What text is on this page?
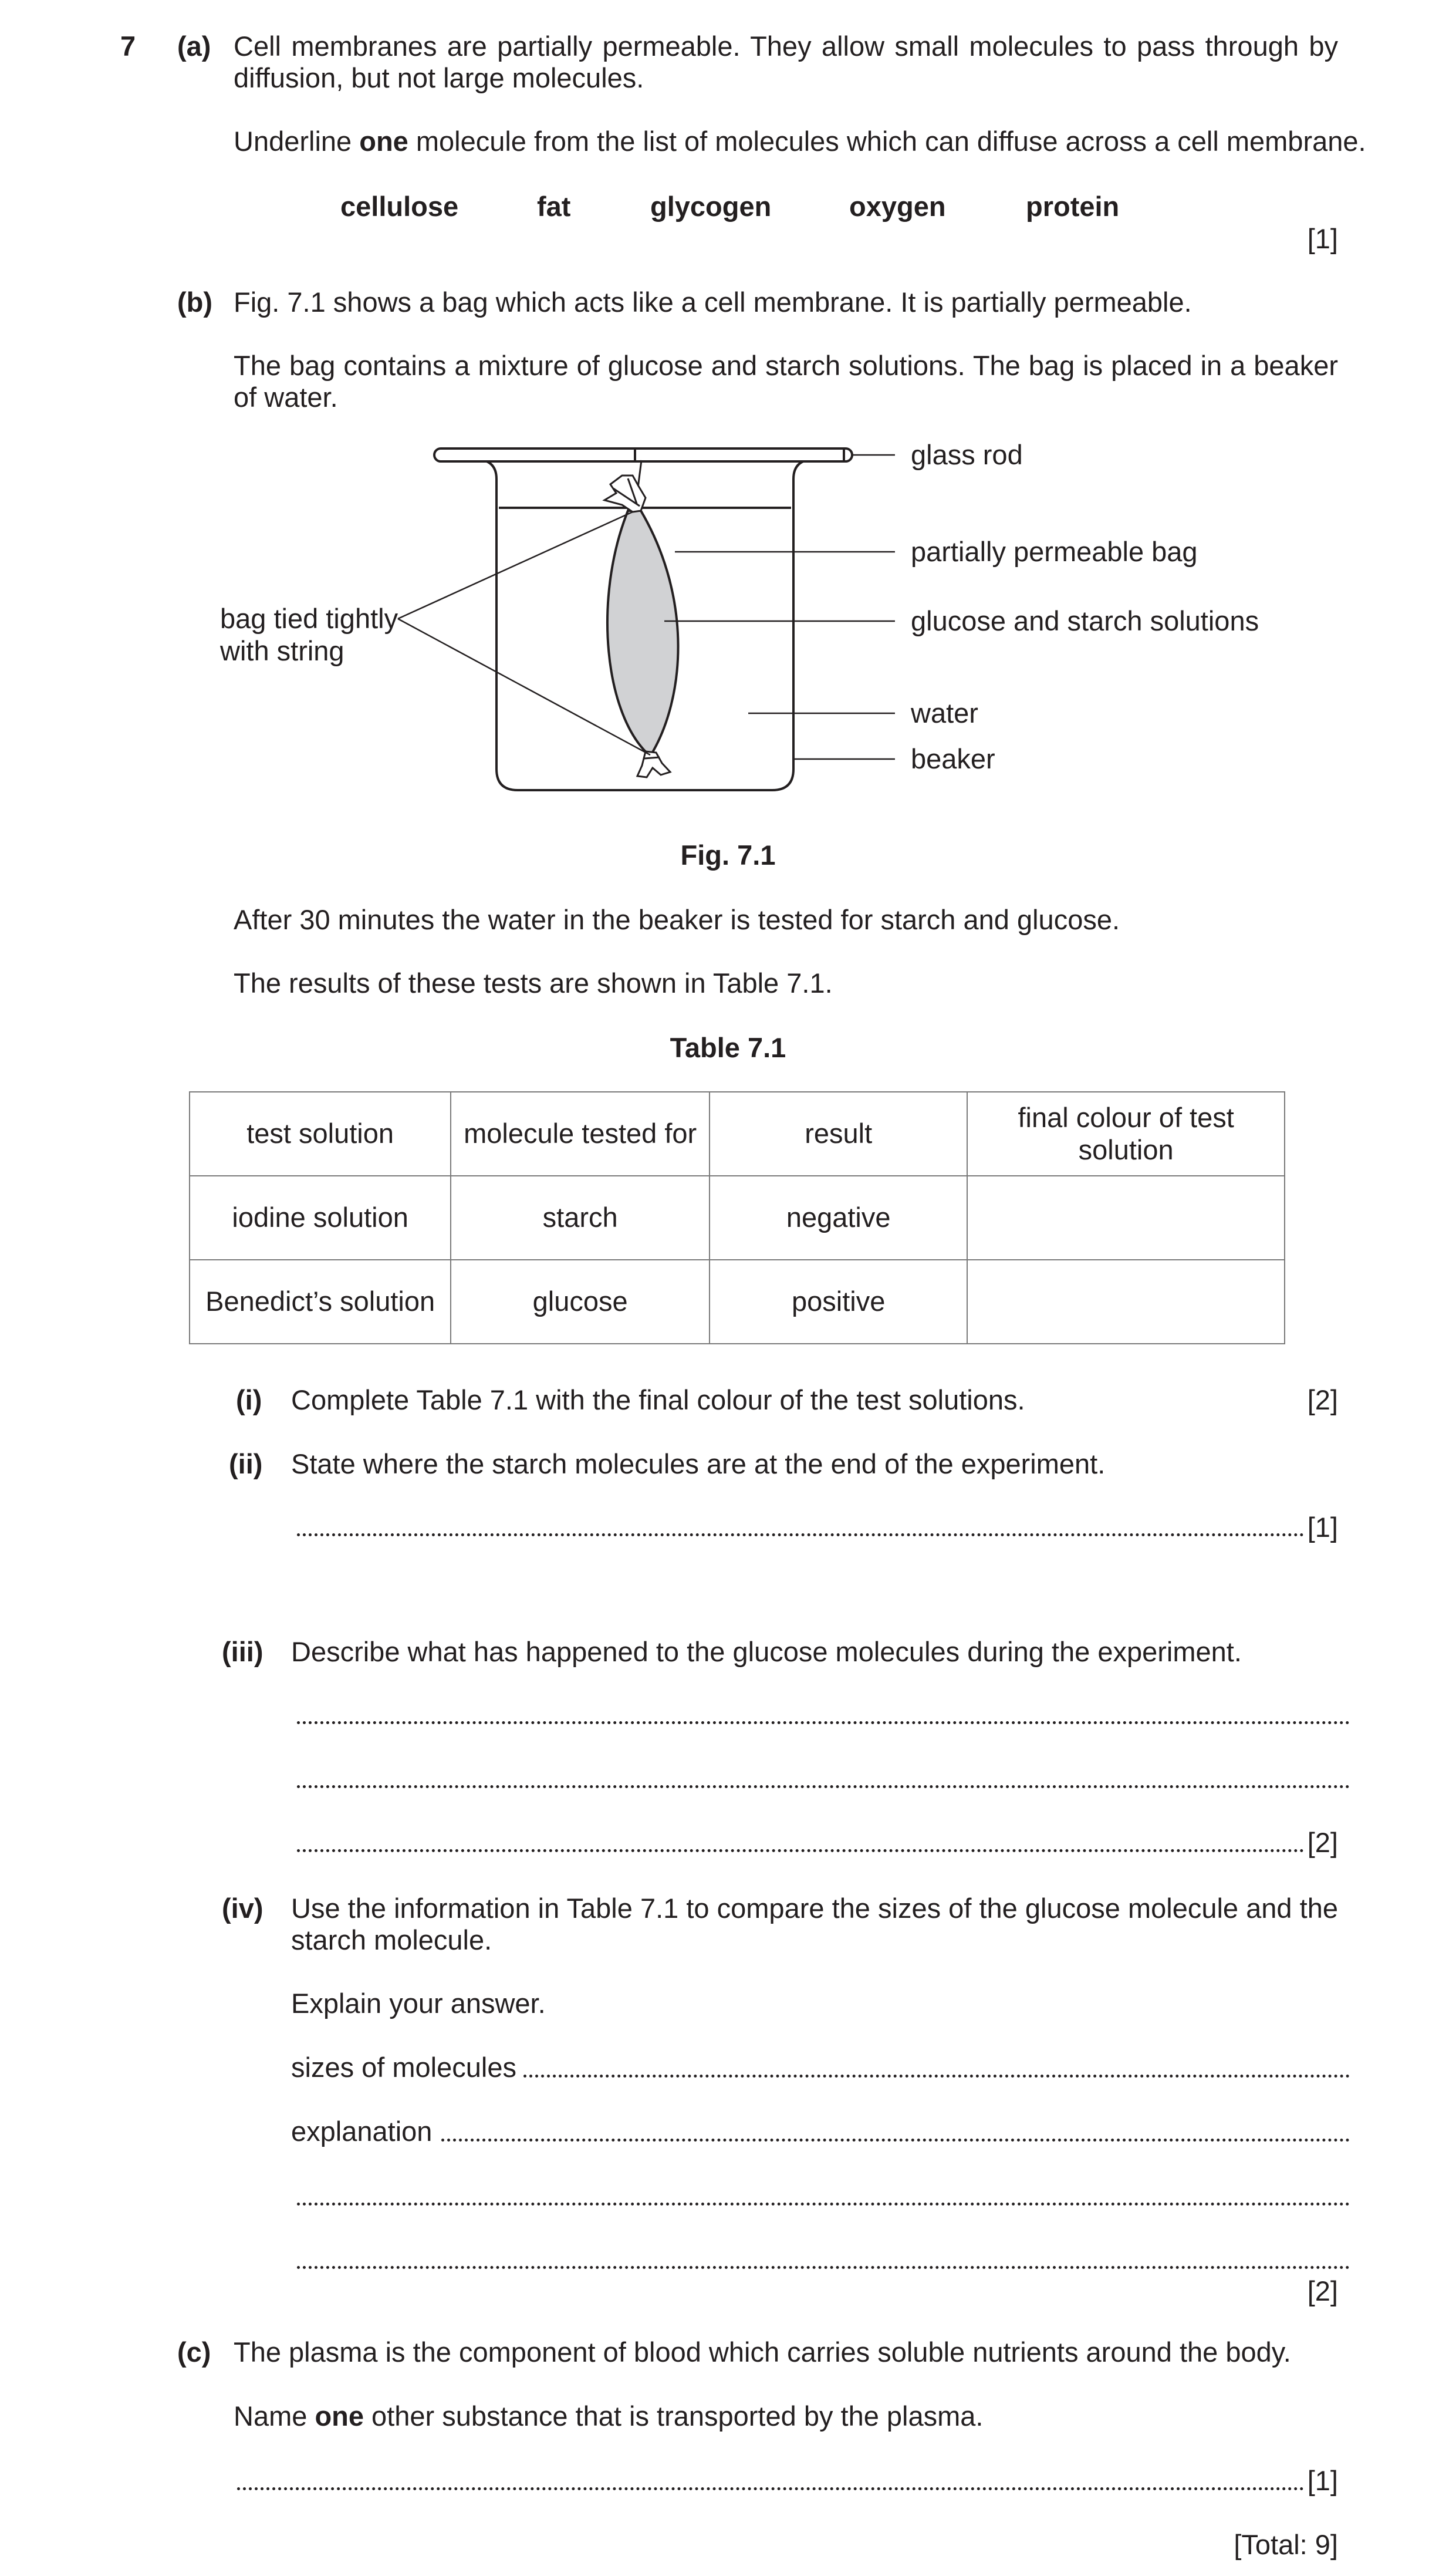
7 (a) Cell membranes are partially permeable. They allow small molecules to pass through by diffusion, but not large molecules.
Underline one molecule from the list of molecules which can diffuse across a cell membrane.
cellulose	fat	glycogen	oxygen	protein
[1]
(b) Fig. 7.1 shows a bag which acts like a cell membrane. It is partially permeable.
The bag contains a mixture of glucose and starch solutions. The bag is placed in a beaker of water.
glass rod
partially permeable bag
glucose and starch solutions
bag tied tightly
with string
water
beaker
Fig. 7.1
After 30 minutes the water in the beaker is tested for starch and glucose.
The results of these tests are shown in Table 7.1.
Table 7.1
test solution	molecule tested for	result	final colour of test solution
iodine solution	starch	negative	
Benedict’s solution	glucose	positive	
(i) Complete Table 7.1 with the final colour of the test solutions.	[2]
(ii) State where the starch molecules are at the end of the experiment.
[1]
(iii) Describe what has happened to the glucose molecules during the experiment.
[2]
(iv) Use the information in Table 7.1 to compare the sizes of the glucose molecule and the starch molecule.
Explain your answer.
sizes of molecules
explanation
[2]
(c) The plasma is the component of blood which carries soluble nutrients around the body.
Name one other substance that is transported by the plasma.
[1]
[Total: 9]
